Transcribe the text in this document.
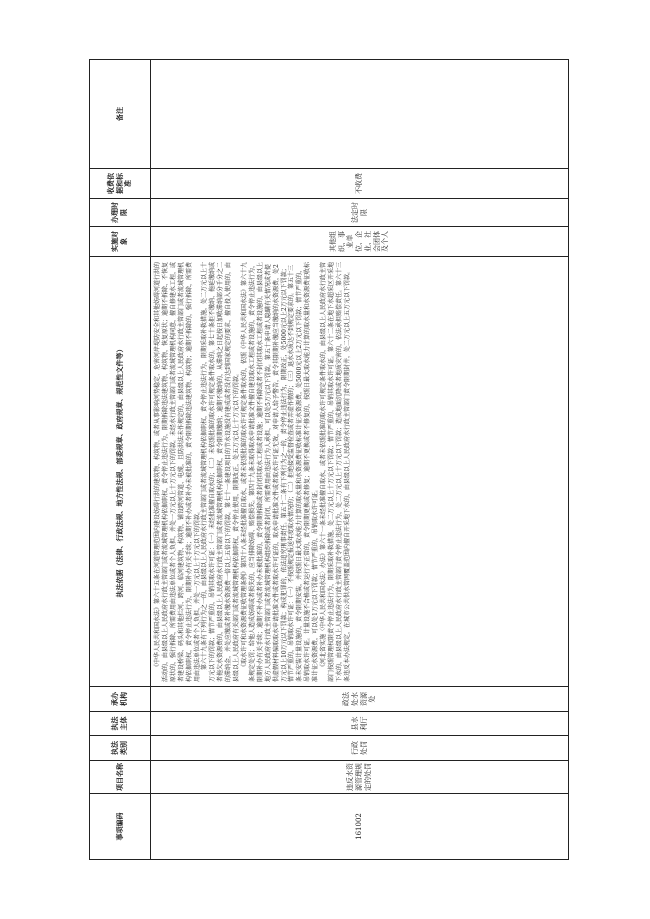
事项编码	项目名称	执法类别	执法主体	承办机构	执法依据（法律、行政法规、地方性法规、部委规章、政府规章、规范性文件等）	实施对象	办理时限	收费依据和标准	备注
161002	违反水资源管理规定的处罚	行政处罚	县水利厅	政法处水资源处	《中华人民共和国水法》第六十五条在河道管理范围内建设妨碍行洪的建筑物、构筑物，或者从事影响河势稳定、危害河岸堤防安全和其他妨碍河道行洪的活动的，由县级以上人民政府水行政主管部门或者流域管理机构依据职权，责令停止违法行为，限期拆除违法建筑物、构筑物，恢复原状；逾期不拆除、不恢复原状的，强行拆除，所需费用由违法单位或者个人负担，并处一万元以上十万元以下的罚款。未经水行政主管部门或者流域管理机构同意，擅自修建水工程，或者建设桥梁、码头和其他拦河、跨河、临河建筑物、构筑物，铺设跨河管道、电缆，且防洪法未作规定的，由县级以上人民政府水行政主管部门或者流域管理机构依据职权，责令停止违法行为，限期补办有关手续；逾期不补办或者补办未被批准的，责令限期拆除违法建筑物、构筑物；逾期不拆除的，强行拆除，所需费用由违法单位或者个人负担，并处一万元以上十万元以下的罚款。 第六十九条有下列行为之一的，由县级以上人民政府水行政主管部门或者流域管理机构依据职权，责令停止违法行为，限期采取补救措施，处二万元以上十万元以下的罚款；情节严重的，吊销其取水许可证：（一）未经批准擅自取水的；（二）未依照批准的取水许可规定条件取水的。第七十条拒不缴纳、拖延缴纳或者拖欠水资源费的，由县级以上人民政府水行政主管部门或者流域管理机构依据职权，责令限期缴纳；逾期不缴纳的，从滞纳之日起按日加收滞纳部分千分之二的滞纳金，并处应缴或者补缴水资源费一倍以上五倍以下的罚款。第七十一条建设项目的节水设施没有建成或者没有达到国家规定的要求，擅自投入使用的，由县级以上人民政府有关部门或者流域管理机构依据职权，责令停止使用，限期改正，处五万元以上十万元以下的罚款。 《取水许可和水资源费征收管理条例》第四十八条未经批准擅自取水，或者未依照批准的取水许可规定条件取水的，依照《中华人民共和国水法》第六十九条规定处罚；给他人造成妨碍或者损失的，应当排除妨碍、赔偿损失。第四十九条未取得取水申请批准文件擅自建设取水工程或者设施的，责令停止违法行为，限期补办有关手续；逾期不补办或者补办未被批准的，责令限期拆除或者封闭其取水工程或者设施；逾期不拆除或者不封闭其取水工程或者设施的，由县级以上地方人民政府水行政主管部门或者流域管理机构组织拆除或者封闭，所需费用由违法行为人承担，可以处5万元以下罚款。第五十条申请人隐瞒有关情况或者提供虚假材料骗取取水申请批准文件或者取水许可证的，取水申请批准文件或者取水许可证无效，对申请人给予警告，责令其限期补缴应当缴纳的水资源费，处2万元以上10万元以下罚款；构成犯罪的，依法追究刑事责任。第五十二条有下列行为之一的，责令停止违法行为，限期改正，处5000元以上2万元以下罚款；情节严重的，吊销取水许可证：（一）不按照规定报送年度取水情况的；（二）拒绝接受监督检查或者弄虚作假的；（三）退水水质达不到规定要求的。第五十三条未安装计量设施的，责令限期安装，并按照日最大取水能力计算的取水量和水资源费征收标准计征水资源费，处5000元以上2万元以下罚款；情节严重的，吊销取水许可证。计量设施不合格或者运行不正常的，责令限期更换或者修复；逾期不更换或者不修复的，按照日最大取水能力计算的取水量和水资源费征收标准计征水资源费，可以处1万元以下罚款；情节严重的，吊销取水许可证。 《河北省实施〈中华人民共和国水法〉办法》第六十一条未经批准擅自取水，或者未依照批准的取水许可规定条件取水的，由县级以上人民政府水行政主管部门按照管理权限责令停止违法行为，限期采取补救措施，处二万元以上十万元以下罚款；情节严重的，吊销其取水许可证。第六十二条在地下水超采区开采地下水的，由县级以上人民政府水行政主管部门责令停止违法行为，处二万元以上十万元以下罚款；造成地面沉降或者地质灾害的，依法承担赔偿责任。第六十三条违反本办法规定，在城市公共供水管网覆盖范围内擅自开采地下水的，由县级以上人民政府水行政主管部门责令限期封井，处二万元以上五万元以下罚款。	其他组织、事业单位、企业、社会团体及个人	法定时限	不收费	
